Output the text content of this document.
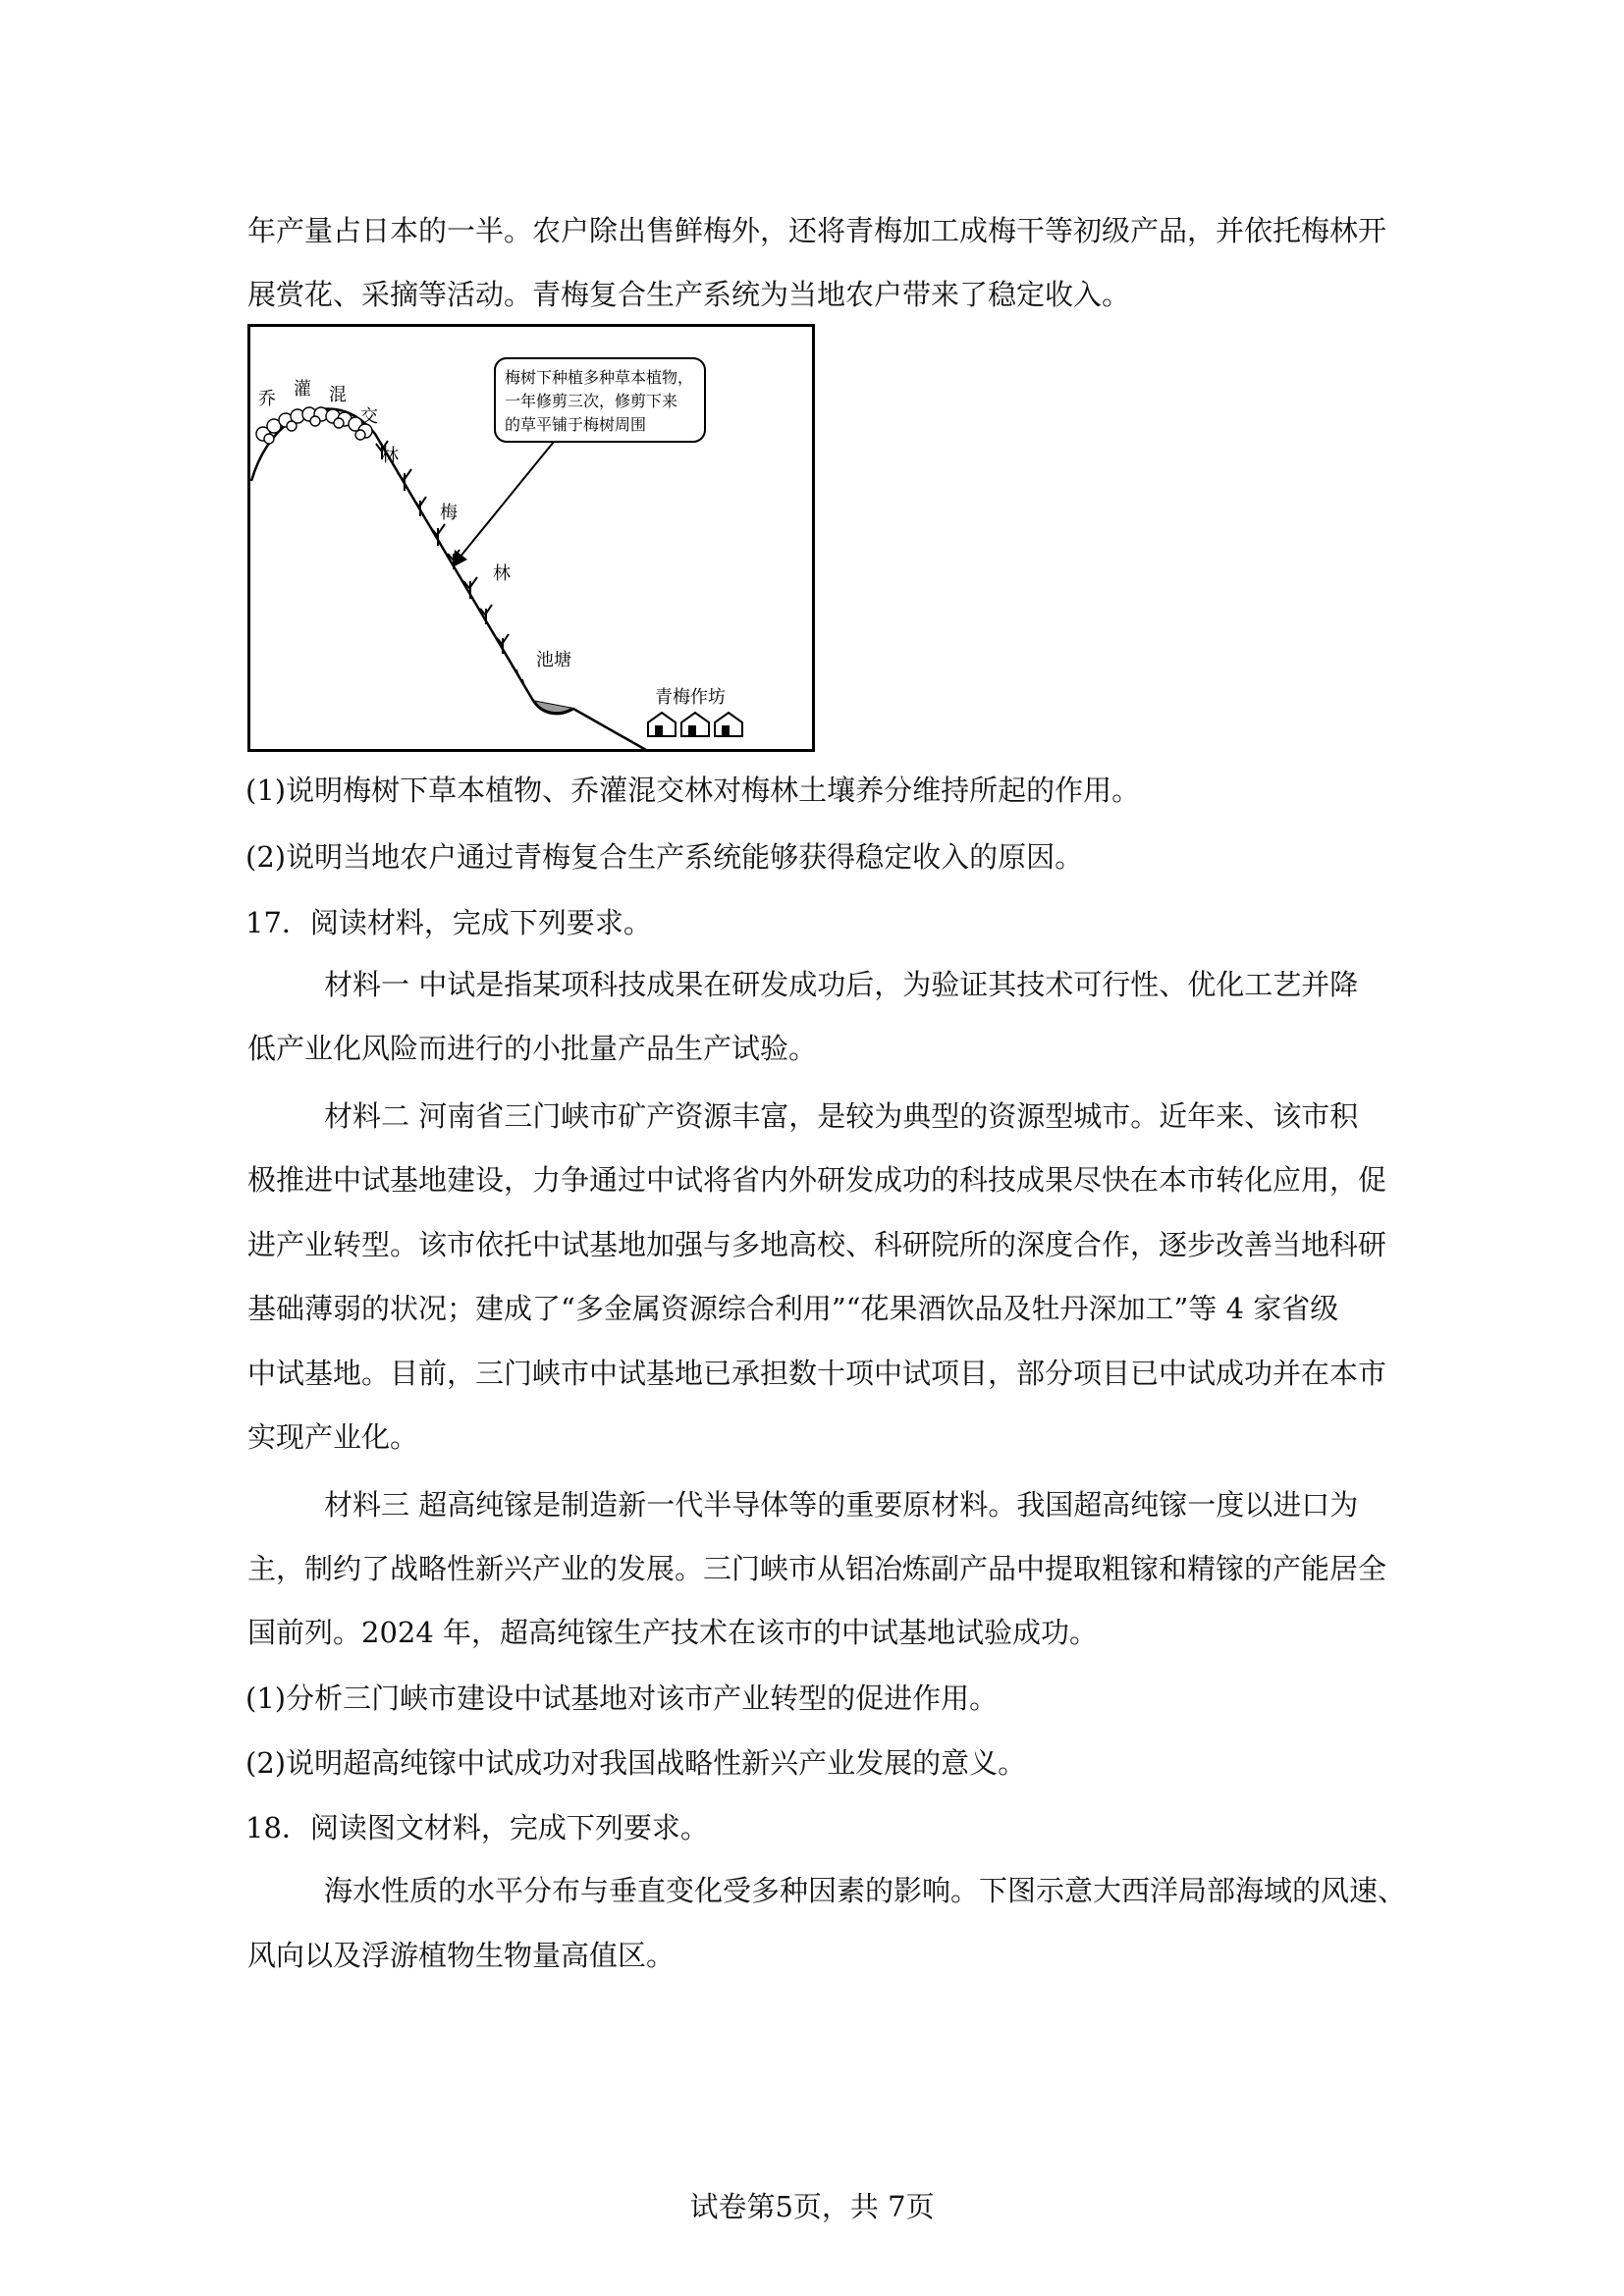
年产量占日本的一半。农户除出售鲜梅外，还将青梅加工成梅干等初级产品，并依托梅林开
展赏花、采摘等活动。青梅复合生产系统为当地农户带来了稳定收入。
梅树下种植多种草本植物，
一年修剪三次，修剪下来
的草平铺于梅树周围
乔 灌 混
交
林
梅
林
池塘
青梅作坊
(1)说明梅树下草本植物、乔灌混交林对梅林土壤养分维持所起的作用。
(2)说明当地农户通过青梅复合生产系统能够获得稳定收入的原因。
17．阅读材料，完成下列要求。
材料一 中试是指某项科技成果在研发成功后，为验证其技术可行性、优化工艺并降
低产业化风险而进行的小批量产品生产试验。
材料二 河南省三门峡市矿产资源丰富，是较为典型的资源型城市。近年来、该市积
极推进中试基地建设，力争通过中试将省内外研发成功的科技成果尽快在本市转化应用，促
进产业转型。该市依托中试基地加强与多地高校、科研院所的深度合作，逐步改善当地科研
基础薄弱的状况；建成了“多金属资源综合利用”“花果酒饮品及牡丹深加工”等 4 家省级
中试基地。目前，三门峡市中试基地已承担数十项中试项目，部分项目已中试成功并在本市
实现产业化。
材料三 超高纯镓是制造新一代半导体等的重要原材料。我国超高纯镓一度以进口为
主，制约了战略性新兴产业的发展。三门峡市从铝冶炼副产品中提取粗镓和精镓的产能居全
国前列。2024 年，超高纯镓生产技术在该市的中试基地试验成功。
(1)分析三门峡市建设中试基地对该市产业转型的促进作用。
(2)说明超高纯镓中试成功对我国战略性新兴产业发展的意义。
18．阅读图文材料，完成下列要求。
海水性质的水平分布与垂直变化受多种因素的影响。下图示意大西洋局部海域的风速、
风向以及浮游植物生物量高值区。
试卷第5页，共 7页
